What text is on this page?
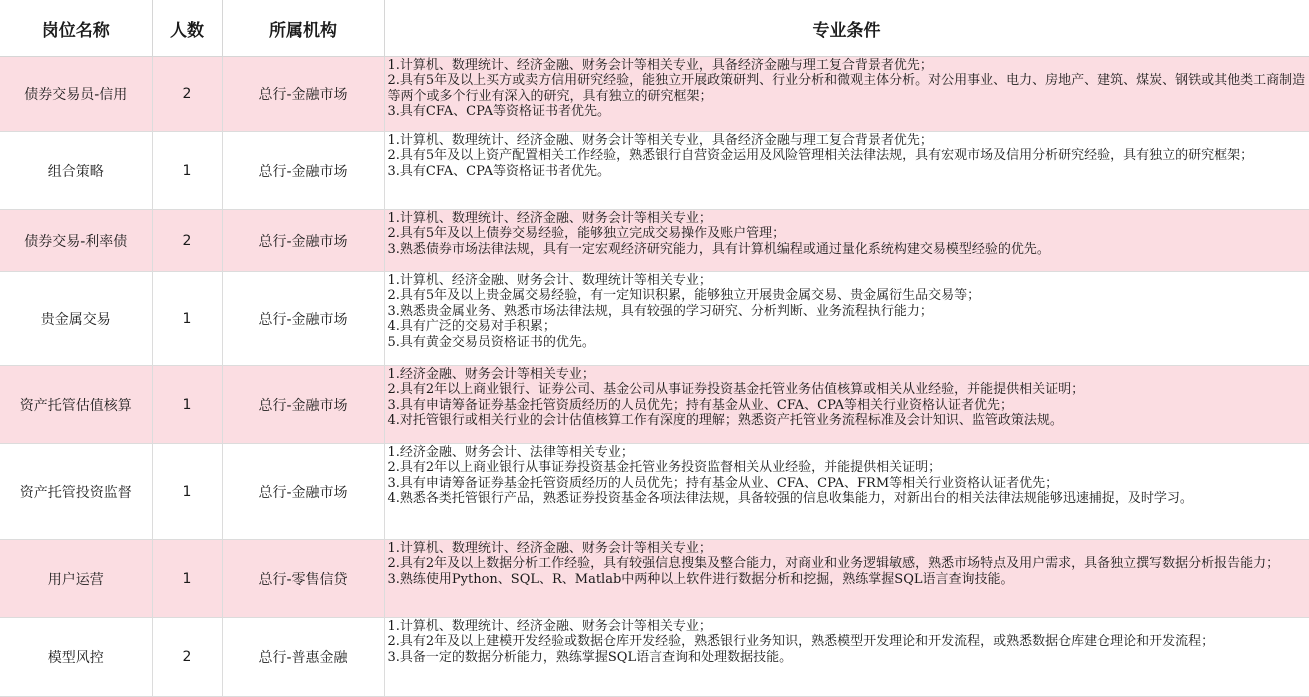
岗位名称	人数	所属机构	专业条件
债券交易员-信用	2	总行-金融市场	1.计算机、数理统计、经济金融、财务会计等相关专业，具备经济金融与理工复合背景者优先；
2.具有5年及以上买方或卖方信用研究经验，能独立开展政策研判、行业分析和微观主体分析。对公用事业、电力、房地产、建筑、煤炭、钢铁或其他类工商制造等两个或多个行业有深入的研究，具有独立的研究框架；
3.具有CFA、CPA等资格证书者优先。

组合策略	1	总行-金融市场	1.计算机、数理统计、经济金融、财务会计等相关专业，具备经济金融与理工复合背景者优先；
2.具有5年及以上资产配置相关工作经验，熟悉银行自营资金运用及风险管理相关法律法规，具有宏观市场及信用分析研究经验，具有独立的研究框架；
3.具有CFA、CPA等资格证书者优先。

债券交易-利率债	2	总行-金融市场	1.计算机、数理统计、经济金融、财务会计等相关专业；
2.具有5年及以上债券交易经验，能够独立完成交易操作及账户管理；
3.熟悉债券市场法律法规，具有一定宏观经济研究能力，具有计算机编程或通过量化系统构建交易模型经验的优先。

贵金属交易	1	总行-金融市场	1.计算机、经济金融、财务会计、数理统计等相关专业；
2.具有5年及以上贵金属交易经验，有一定知识积累，能够独立开展贵金属交易、贵金属衍生品交易等；
3.熟悉贵金属业务、熟悉市场法律法规，具有较强的学习研究、分析判断、业务流程执行能力；
4.具有广泛的交易对手积累；
5.具有黄金交易员资格证书的优先。

资产托管估值核算	1	总行-金融市场	1.经济金融、财务会计等相关专业；
2.具有2年以上商业银行、证券公司、基金公司从事证券投资基金托管业务估值核算或相关从业经验，并能提供相关证明；
3.具有申请筹备证券基金托管资质经历的人员优先；持有基金从业、CFA、CPA等相关行业资格认证者优先；
4.对托管银行或相关行业的会计估值核算工作有深度的理解；熟悉资产托管业务流程标准及会计知识、监管政策法规。

资产托管投资监督	1	总行-金融市场	1.经济金融、财务会计、法律等相关专业；
2.具有2年以上商业银行从事证券投资基金托管业务投资监督相关从业经验，并能提供相关证明；
3.具有申请筹备证券基金托管资质经历的人员优先；持有基金从业、CFA、CPA、FRM等相关行业资格认证者优先；
4.熟悉各类托管银行产品，熟悉证券投资基金各项法律法规，具备较强的信息收集能力，对新出台的相关法律法规能够迅速捕捉，及时学习。

用户运营	1	总行-零售信贷	1.计算机、数理统计、经济金融、财务会计等相关专业；
2.具有2年及以上数据分析工作经验，具有较强信息搜集及整合能力，对商业和业务逻辑敏感，熟悉市场特点及用户需求，具备独立撰写数据分析报告能力；
3.熟练使用Python、SQL、R、Matlab中两种以上软件进行数据分析和挖掘，熟练掌握SQL语言查询技能。

模型风控	2	总行-普惠金融	1.计算机、数理统计、经济金融、财务会计等相关专业；
2.具有2年及以上建模开发经验或数据仓库开发经验，熟悉银行业务知识，熟悉模型开发理论和开发流程，或熟悉数据仓库建仓理论和开发流程；
3.具备一定的数据分析能力，熟练掌握SQL语言查询和处理数据技能。
